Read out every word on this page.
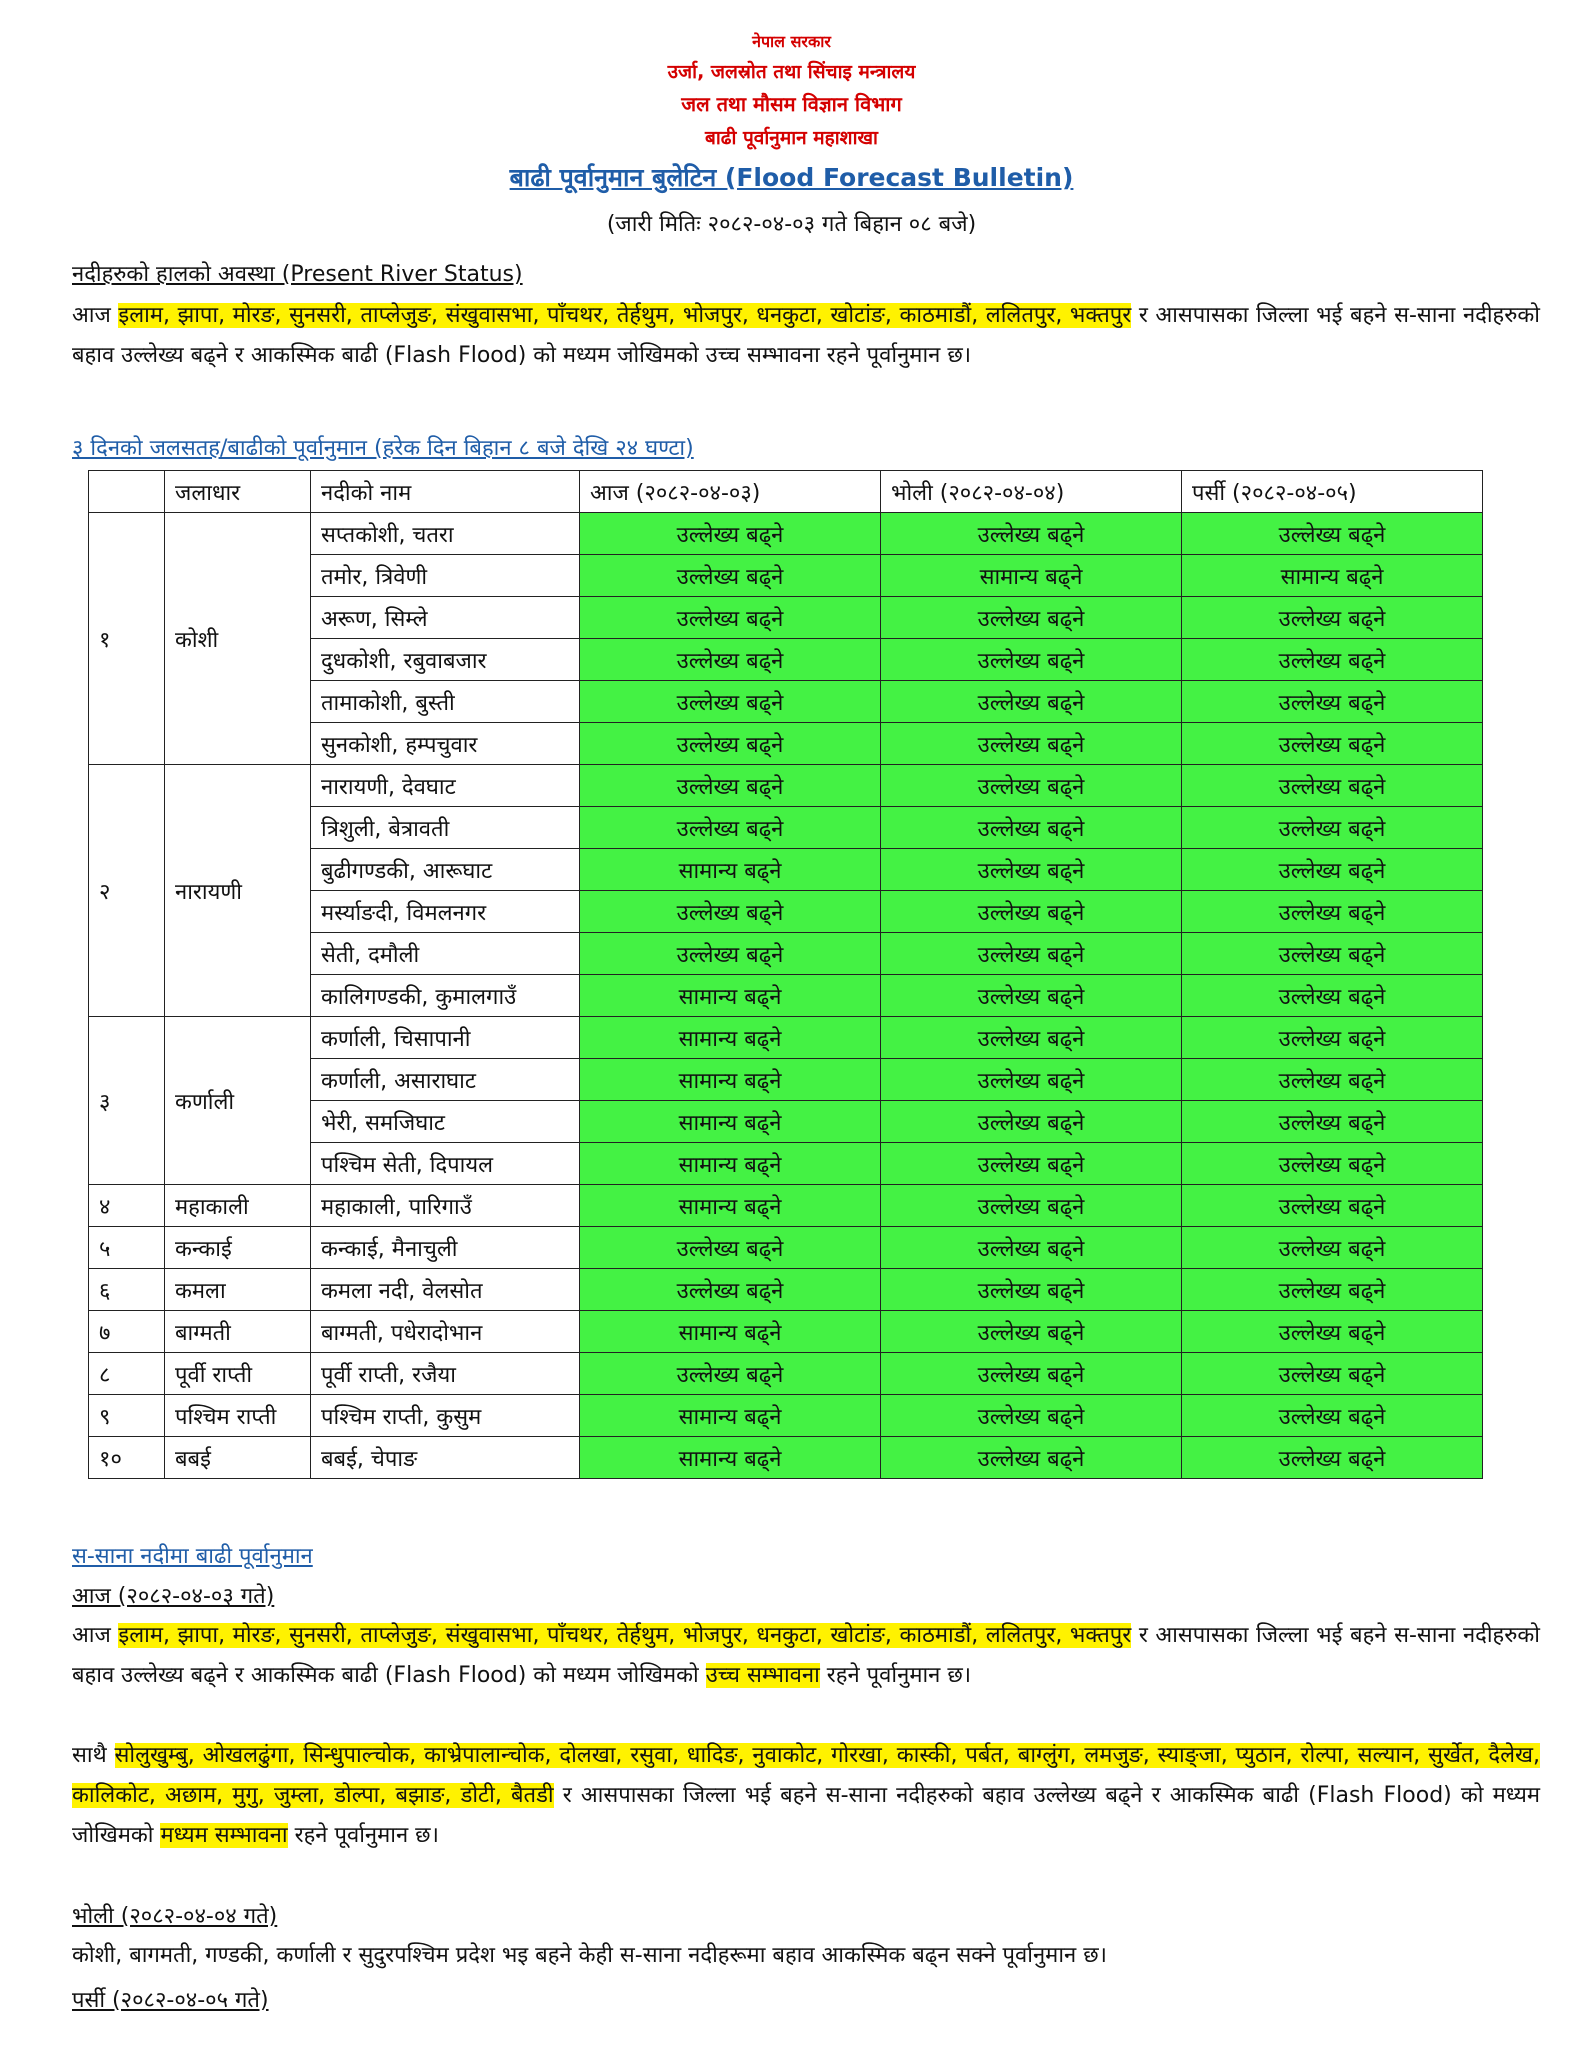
नेपाल सरकार
उर्जा, जलस्रोत तथा सिंचाइ मन्त्रालय
जल तथा मौसम विज्ञान विभाग
बाढी पूर्वानुमान महाशाखा
बाढी पूर्वानुमान बुलेटिन (Flood Forecast Bulletin)
(जारी मितिः २०८२-०४-०३ गते बिहान ०८ बजे)
नदीहरुको हालको अवस्था (Present River Status)
आज इलाम, झापा, मोरङ, सुनसरी, ताप्लेजुङ, संखुवासभा, पाँचथर, तेर्हथुम, भोजपुर, धनकुटा, खोटांङ, काठमाडौं, ललितपुर, भक्तपुर र आसपासका जिल्ला भई बहने स-साना नदीहरुको बहाव उल्लेख्य बढ्ने र आकस्मिक बाढी (Flash Flood) को मध्यम जोखिमको उच्च सम्भावना रहने पूर्वानुमान छ।
३ दिनको जलसतह/बाढीको पूर्वानुमान (हरेक दिन बिहान ८ बजे देखि २४ घण्टा)
	जलाधार	नदीको नाम	आज (२०८२-०४-०३)	भोली (२०८२-०४-०४)	पर्सी (२०८२-०४-०५)
१	कोशी	सप्तकोशी, चतरा	उल्लेख्य बढ्ने	उल्लेख्य बढ्ने	उल्लेख्य बढ्ने
		तमोर, त्रिवेणी	उल्लेख्य बढ्ने	सामान्य बढ्ने	सामान्य बढ्ने
		अरूण, सिम्ले	उल्लेख्य बढ्ने	उल्लेख्य बढ्ने	उल्लेख्य बढ्ने
		दुधकोशी, रबुवाबजार	उल्लेख्य बढ्ने	उल्लेख्य बढ्ने	उल्लेख्य बढ्ने
		तामाकोशी, बुस्ती	उल्लेख्य बढ्ने	उल्लेख्य बढ्ने	उल्लेख्य बढ्ने
		सुनकोशी, हम्पचुवार	उल्लेख्य बढ्ने	उल्लेख्य बढ्ने	उल्लेख्य बढ्ने
२	नारायणी	नारायणी, देवघाट	उल्लेख्य बढ्ने	उल्लेख्य बढ्ने	उल्लेख्य बढ्ने
		त्रिशुली, बेत्रावती	उल्लेख्य बढ्ने	उल्लेख्य बढ्ने	उल्लेख्य बढ्ने
		बुढीगण्डकी, आरूघाट	सामान्य बढ्ने	उल्लेख्य बढ्ने	उल्लेख्य बढ्ने
		मर्स्याङदी, विमलनगर	उल्लेख्य बढ्ने	उल्लेख्य बढ्ने	उल्लेख्य बढ्ने
		सेती, दमौली	उल्लेख्य बढ्ने	उल्लेख्य बढ्ने	उल्लेख्य बढ्ने
		कालिगण्डकी, कुमालगाउँ	सामान्य बढ्ने	उल्लेख्य बढ्ने	उल्लेख्य बढ्ने
३	कर्णाली	कर्णाली, चिसापानी	सामान्य बढ्ने	उल्लेख्य बढ्ने	उल्लेख्य बढ्ने
		कर्णाली, असाराघाट	सामान्य बढ्ने	उल्लेख्य बढ्ने	उल्लेख्य बढ्ने
		भेरी, समजिघाट	सामान्य बढ्ने	उल्लेख्य बढ्ने	उल्लेख्य बढ्ने
		पश्चिम सेती, दिपायल	सामान्य बढ्ने	उल्लेख्य बढ्ने	उल्लेख्य बढ्ने
४	महाकाली	महाकाली, पारिगाउँ	सामान्य बढ्ने	उल्लेख्य बढ्ने	उल्लेख्य बढ्ने
५	कन्काई	कन्काई, मैनाचुली	उल्लेख्य बढ्ने	उल्लेख्य बढ्ने	उल्लेख्य बढ्ने
६	कमला	कमला नदी, वेलसोत	उल्लेख्य बढ्ने	उल्लेख्य बढ्ने	उल्लेख्य बढ्ने
७	बाग्मती	बाग्मती, पधेरादोभान	सामान्य बढ्ने	उल्लेख्य बढ्ने	उल्लेख्य बढ्ने
८	पूर्वी राप्ती	पूर्वी राप्ती, रजैया	उल्लेख्य बढ्ने	उल्लेख्य बढ्ने	उल्लेख्य बढ्ने
९	पश्चिम राप्ती	पश्चिम राप्ती, कुसुम	सामान्य बढ्ने	उल्लेख्य बढ्ने	उल्लेख्य बढ्ने
१०	बबई	बबई, चेपाङ	सामान्य बढ्ने	उल्लेख्य बढ्ने	उल्लेख्य बढ्ने
स-साना नदीमा बाढी पूर्वानुमान
आज (२०८२-०४-०३ गते)
आज इलाम, झापा, मोरङ, सुनसरी, ताप्लेजुङ, संखुवासभा, पाँचथर, तेर्हथुम, भोजपुर, धनकुटा, खोटांङ, काठमाडौं, ललितपुर, भक्तपुर र आसपासका जिल्ला भई बहने स-साना नदीहरुको बहाव उल्लेख्य बढ्ने र आकस्मिक बाढी (Flash Flood) को मध्यम जोखिमको उच्च सम्भावना रहने पूर्वानुमान छ।
साथै सोलुखुम्बु, ओखलढुंगा, सिन्धुपाल्चोक, काभ्रेपालान्चोक, दोलखा, रसुवा, धादिङ, नुवाकोट, गोरखा, कास्की, पर्बत, बाग्लुंग, लमजुङ, स्याङ्जा, प्युठान, रोल्पा, सल्यान, सुर्खेत, दैलेख, कालिकोट, अछाम, मुगु, जुम्ला, डोल्पा, बझाङ, डोटी, बैतडी र आसपासका जिल्ला भई बहने स-साना नदीहरुको बहाव उल्लेख्य बढ्ने र आकस्मिक बाढी (Flash Flood) को मध्यम जोखिमको मध्यम सम्भावना रहने पूर्वानुमान छ।
भोली (२०८२-०४-०४ गते)
कोशी, बागमती, गण्डकी, कर्णाली र सुदुरपश्चिम प्रदेश भइ बहने केही स-साना नदीहरूमा बहाव आकस्मिक बढ्न सक्ने पूर्वानुमान छ।
पर्सी (२०८२-०४-०५ गते)
